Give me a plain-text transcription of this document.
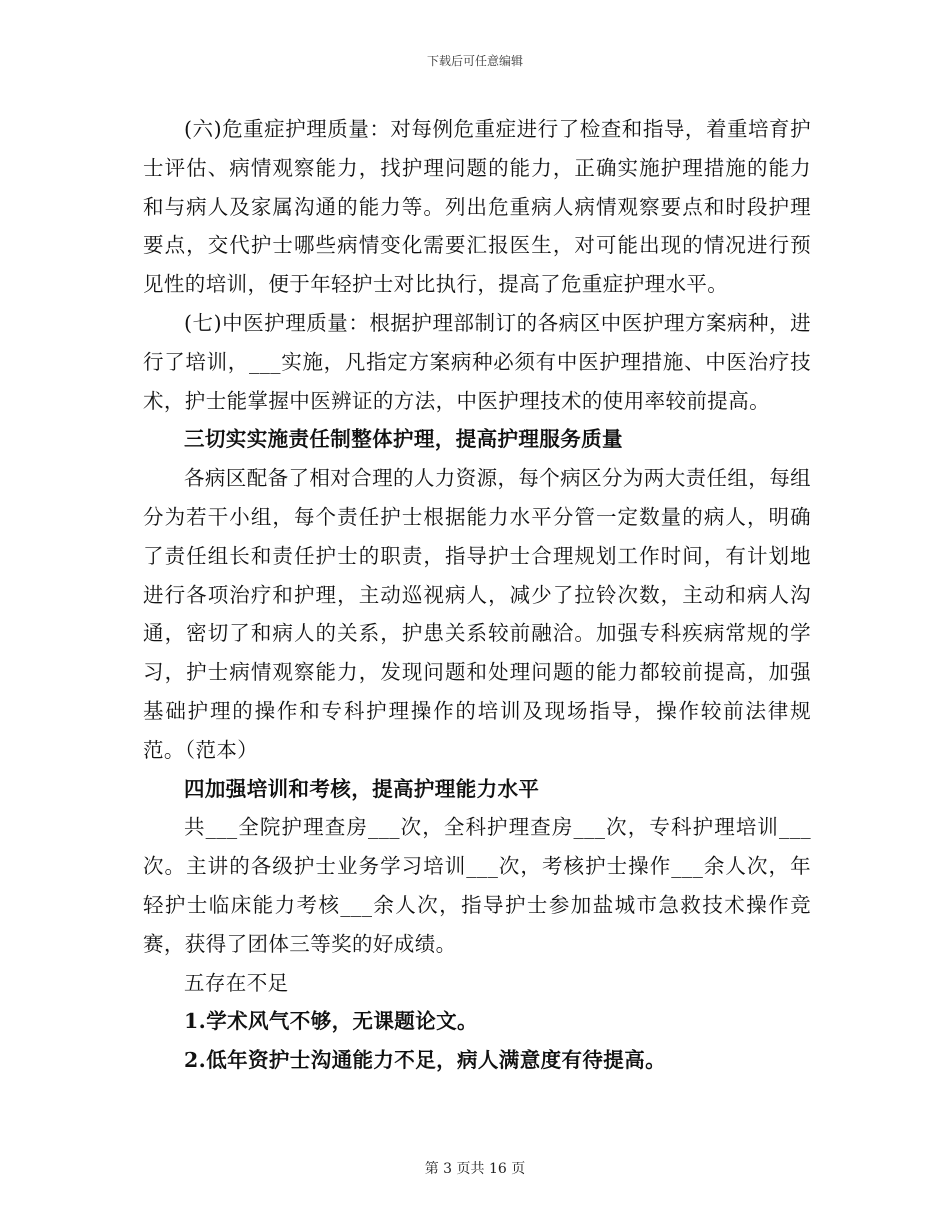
下载后可任意编辑

(六)危重症护理质量：对每例危重症进行了检查和指导，着重培育护士评估、病情观察能力，找护理问题的能力，正确实施护理措施的能力和与病人及家属沟通的能力等。列出危重病人病情观察要点和时段护理要点，交代护士哪些病情变化需要汇报医生，对可能出现的情况进行预见性的培训，便于年轻护士对比执行，提高了危重症护理水平。

(七)中医护理质量：根据护理部制订的各病区中医护理方案病种，进行了培训，___实施，凡指定方案病种必须有中医护理措施、中医治疗技术，护士能掌握中医辨证的方法，中医护理技术的使用率较前提高。

三切实实施责任制整体护理，提高护理服务质量

各病区配备了相对合理的人力资源，每个病区分为两大责任组，每组分为若干小组，每个责任护士根据能力水平分管一定数量的病人，明确了责任组长和责任护士的职责，指导护士合理规划工作时间，有计划地进行各项治疗和护理，主动巡视病人，减少了拉铃次数，主动和病人沟通，密切了和病人的关系，护患关系较前融洽。加强专科疾病常规的学习，护士病情观察能力，发现问题和处理问题的能力都较前提高，加强基础护理的操作和专科护理操作的培训及现场指导，操作较前法律规范。（范本）

四加强培训和考核，提高护理能力水平

共___全院护理查房___次，全科护理查房___次，专科护理培训___次。主讲的各级护士业务学习培训___次，考核护士操作___余人次，年轻护士临床能力考核___余人次，指导护士参加盐城市急救技术操作竞赛，获得了团体三等奖的好成绩。

五存在不足

1.学术风气不够，无课题论文。

2.低年资护士沟通能力不足，病人满意度有待提高。

第 3 页共 16 页
